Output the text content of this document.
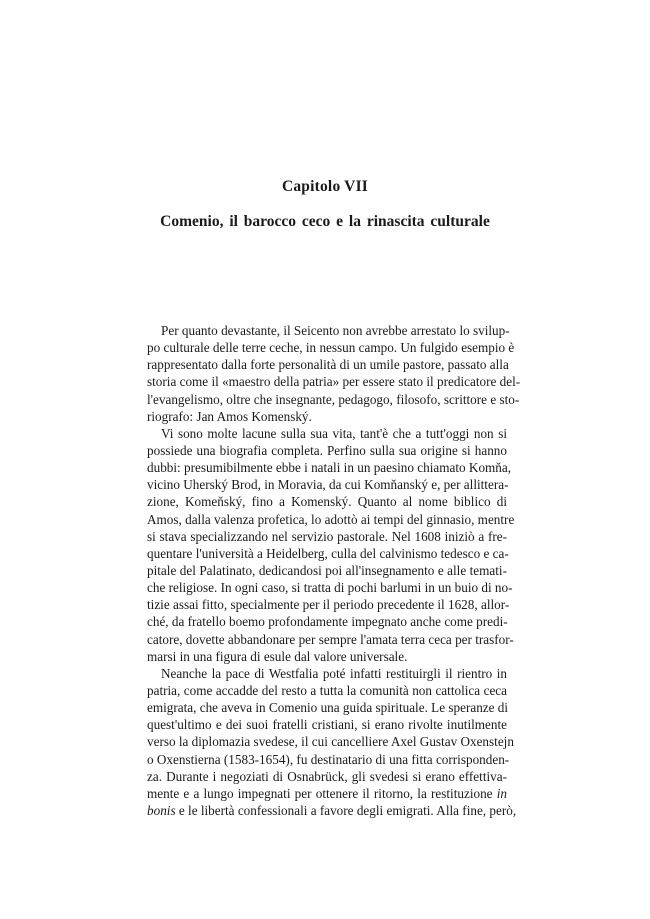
Capitolo VII
Comenio, il barocco ceco e la rinascita culturale
Per quanto devastante, il Seicento non avrebbe arrestato lo svilup-
po culturale delle terre ceche, in nessun campo. Un fulgido esempio è
rappresentato dalla forte personalità di un umile pastore, passato alla
storia come il «maestro della patria» per essere stato il predicatore del-
l'evangelismo, oltre che insegnante, pedagogo, filosofo, scrittore e sto-
riografo: Jan Amos Komenský.
Vi sono molte lacune sulla sua vita, tant'è che a tutt'oggi non si
possiede una biografia completa. Perfino sulla sua origine si hanno
dubbi: presumibilmente ebbe i natali in un paesino chiamato Komňa,
vicino Uherský Brod, in Moravia, da cui Komňanský e, per allittera-
zione, Komeňský, fino a Komenský. Quanto al nome biblico di
Amos, dalla valenza profetica, lo adottò ai tempi del ginnasio, mentre
si stava specializzando nel servizio pastorale. Nel 1608 iniziò a fre-
quentare l'università a Heidelberg, culla del calvinismo tedesco e ca-
pitale del Palatinato, dedicandosi poi all'insegnamento e alle temati-
che religiose. In ogni caso, si tratta di pochi barlumi in un buio di no-
tizie assai fitto, specialmente per il periodo precedente il 1628, allor-
ché, da fratello boemo profondamente impegnato anche come predi-
catore, dovette abbandonare per sempre l'amata terra ceca per trasfor-
marsi in una figura di esule dal valore universale.
Neanche la pace di Westfalia poté infatti restituirgli il rientro in
patria, come accadde del resto a tutta la comunità non cattolica ceca
emigrata, che aveva in Comenio una guida spirituale. Le speranze di
quest'ultimo e dei suoi fratelli cristiani, si erano rivolte inutilmente
verso la diplomazia svedese, il cui cancelliere Axel Gustav Oxenstejn
o Oxenstierna (1583-1654), fu destinatario di una fitta corrisponden-
za. Durante i negoziati di Osnabrück, gli svedesi si erano effettiva-
mente e a lungo impegnati per ottenere il ritorno, la restituzione in
bonis e le libertà confessionali a favore degli emigrati. Alla fine, però,
